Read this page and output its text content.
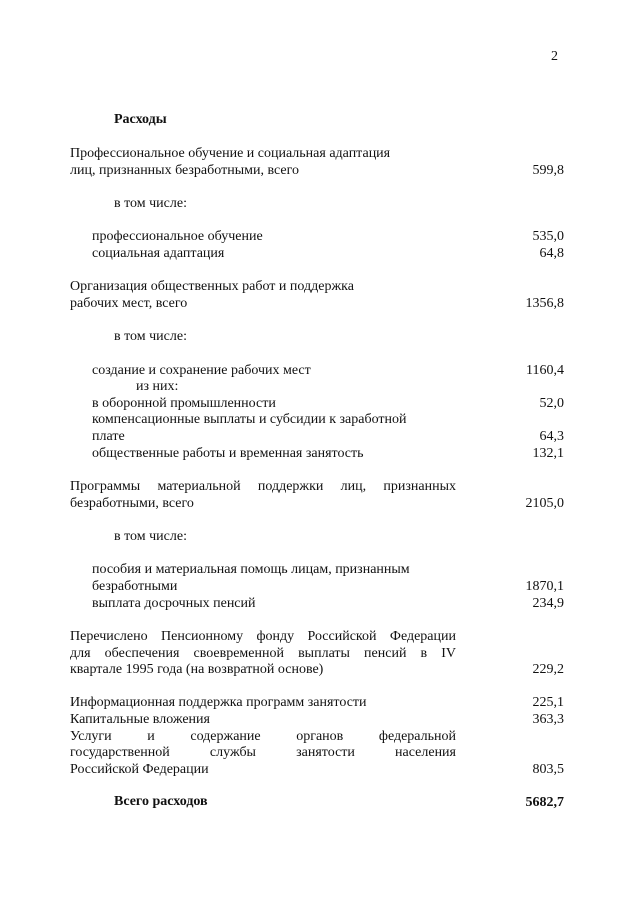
2
Расходы
Профессиональное обучение и социальная адаптация
лиц, признанных безработными, всего	599,8
в том числе:
профессиональное обучение	535,0
социальная адаптация	64,8
Организация общественных работ и поддержка
рабочих мест, всего	1356,8
в том числе:
создание и сохранение рабочих мест	1160,4
из них:
в оборонной промышленности	52,0
компенсационные выплаты и субсидии к заработной
плате	64,3
общественные работы и временная занятость	132,1
Программы материальной поддержки лиц, признанных
безработными, всего	2105,0
в том числе:
пособия и материальная помощь лицам, признанным
безработными	1870,1
выплата досрочных пенсий	234,9
Перечислено Пенсионному фонду Российской Федерации
для обеспечения своевременной выплаты пенсий в IV
квартале 1995 года (на возвратной основе)	229,2
Информационная поддержка программ занятости	225,1
Капитальные вложения	363,3
Услуги и содержание органов федеральной
государственной службы занятости населения
Российской Федерации	803,5
Всего расходов	5682,7
